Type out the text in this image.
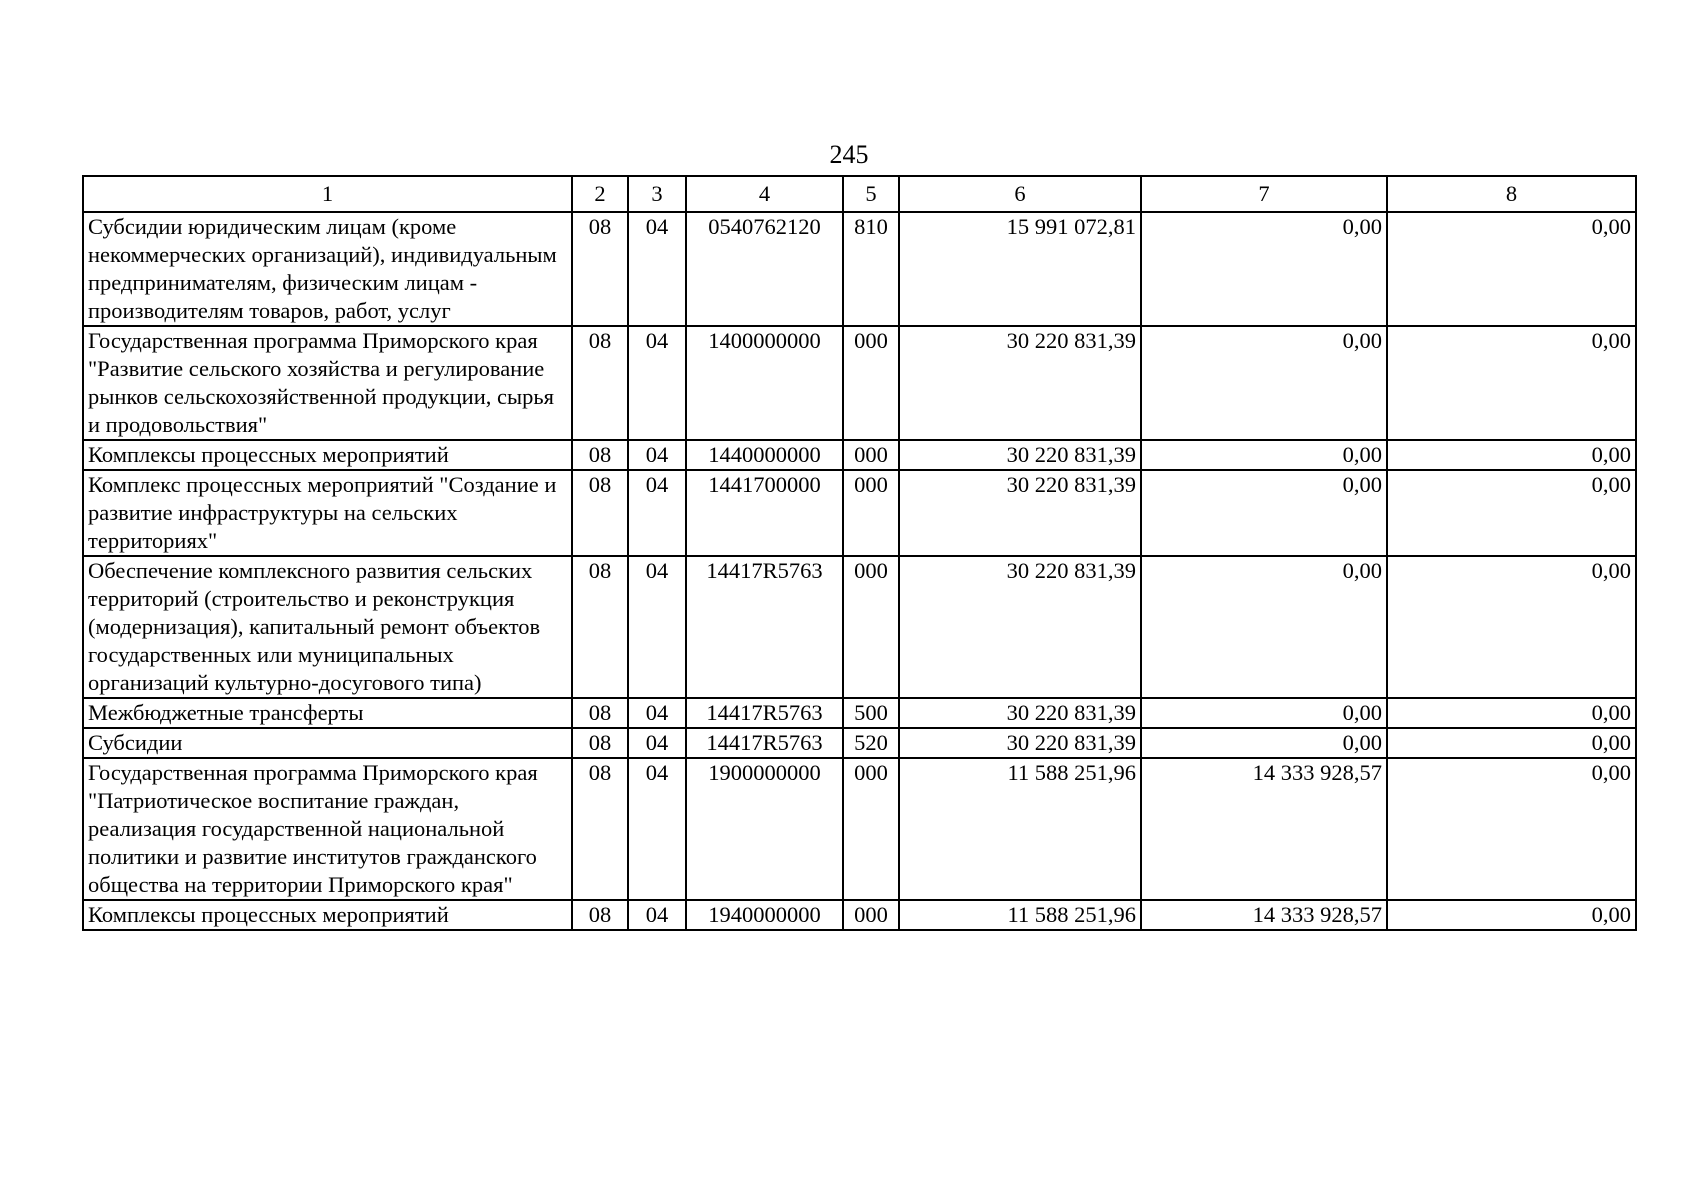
245
1	2	3	4	5	6	7	8
Субсидии юридическим лицам (кроме некоммерческих организаций), индивидуальным предпринимателям, физическим лицам - производителям товаров, работ, услуг	08	04	0540762120	810	15 991 072,81	0,00	0,00
Государственная программа Приморского края "Развитие сельского хозяйства и регулирование рынков сельскохозяйственной продукции, сырья и продовольствия"	08	04	1400000000	000	30 220 831,39	0,00	0,00
Комплексы процессных мероприятий	08	04	1440000000	000	30 220 831,39	0,00	0,00
Комплекс процессных мероприятий "Создание и развитие инфраструктуры на сельских территориях"	08	04	1441700000	000	30 220 831,39	0,00	0,00
Обеспечение комплексного развития сельских территорий (строительство и реконструкция (модернизация), капитальный ремонт объектов государственных или муниципальных организаций культурно-досугового типа)	08	04	14417R5763	000	30 220 831,39	0,00	0,00
Межбюджетные трансферты	08	04	14417R5763	500	30 220 831,39	0,00	0,00
Субсидии	08	04	14417R5763	520	30 220 831,39	0,00	0,00
Государственная программа Приморского края "Патриотическое воспитание граждан, реализация государственной национальной политики и развитие институтов гражданского общества на территории Приморского края"	08	04	1900000000	000	11 588 251,96	14 333 928,57	0,00
Комплексы процессных мероприятий	08	04	1940000000	000	11 588 251,96	14 333 928,57	0,00
